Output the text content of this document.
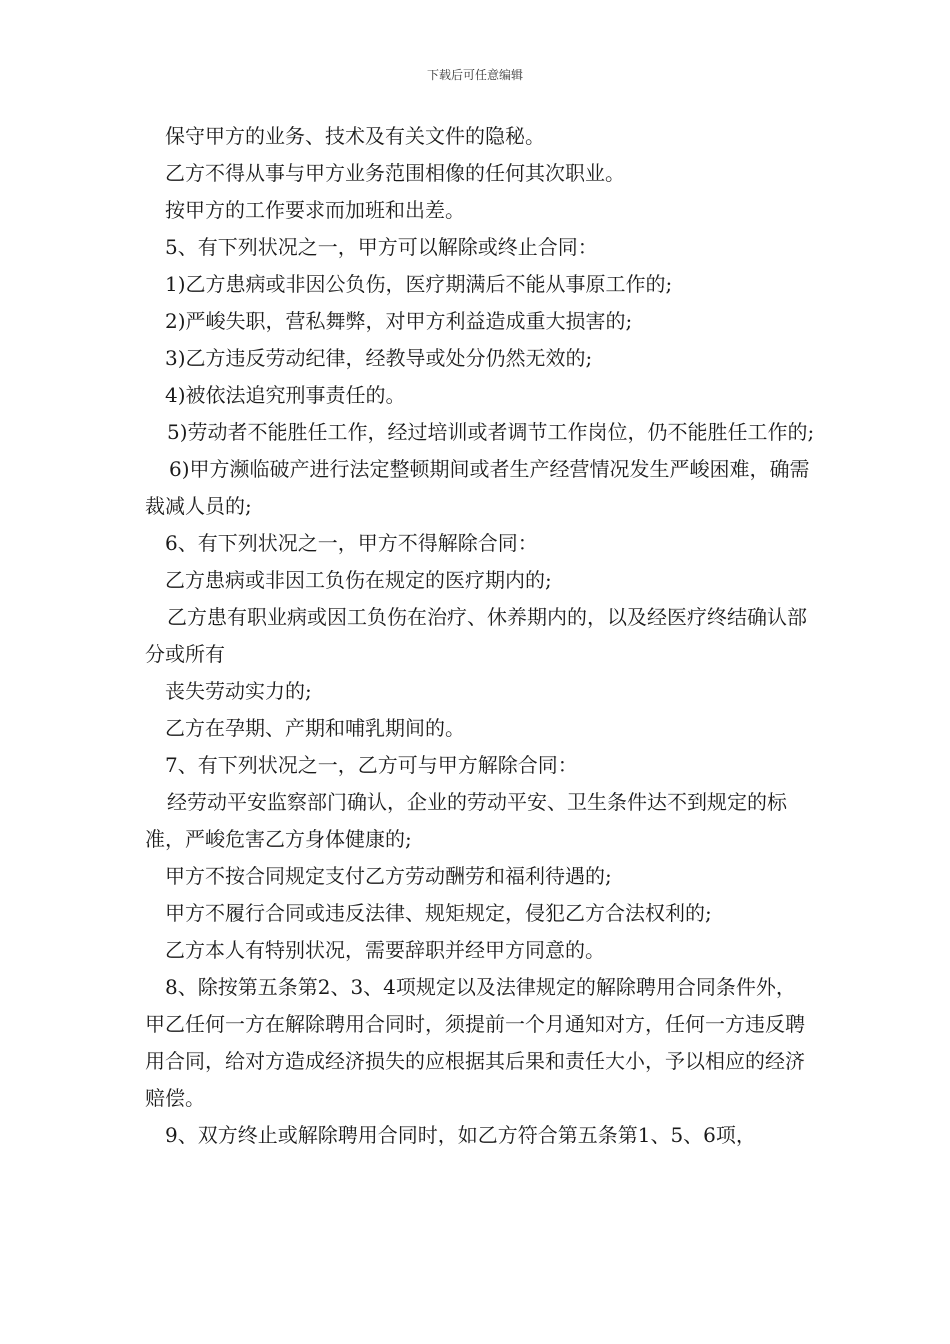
下载后可任意编辑

保守甲方的业务、技术及有关文件的隐秘。

乙方不得从事与甲方业务范围相像的任何其次职业。

按甲方的工作要求而加班和出差。

5、有下列状况之一，甲方可以解除或终止合同：

1)乙方患病或非因公负伤，医疗期满后不能从事原工作的;

2)严峻失职，营私舞弊，对甲方利益造成重大损害的;

3)乙方违反劳动纪律，经教导或处分仍然无效的;

4)被依法追究刑事责任的。

5)劳动者不能胜任工作，经过培训或者调节工作岗位，仍不能胜任工作的;

6)甲方濒临破产进行法定整顿期间或者生产经营情况发生严峻困难，确需裁减人员的;

6、有下列状况之一，甲方不得解除合同：

乙方患病或非因工负伤在规定的医疗期内的;

乙方患有职业病或因工负伤在治疗、休养期内的，以及经医疗终结确认部分或所有

丧失劳动实力的;

乙方在孕期、产期和哺乳期间的。

7、有下列状况之一，乙方可与甲方解除合同：

经劳动平安监察部门确认，企业的劳动平安、卫生条件达不到规定的标准，严峻危害乙方身体健康的;

甲方不按合同规定支付乙方劳动酬劳和福利待遇的;

甲方不履行合同或违反法律、规矩规定，侵犯乙方合法权利的;

乙方本人有特别状况，需要辞职并经甲方同意的。

8、除按第五条第2、3、4项规定以及法律规定的解除聘用合同条件外，甲乙任何一方在解除聘用合同时，须提前一个月通知对方，任何一方违反聘用合同，给对方造成经济损失的应根据其后果和责任大小，予以相应的经济赔偿。

9、双方终止或解除聘用合同时，如乙方符合第五条第1、5、6项，
